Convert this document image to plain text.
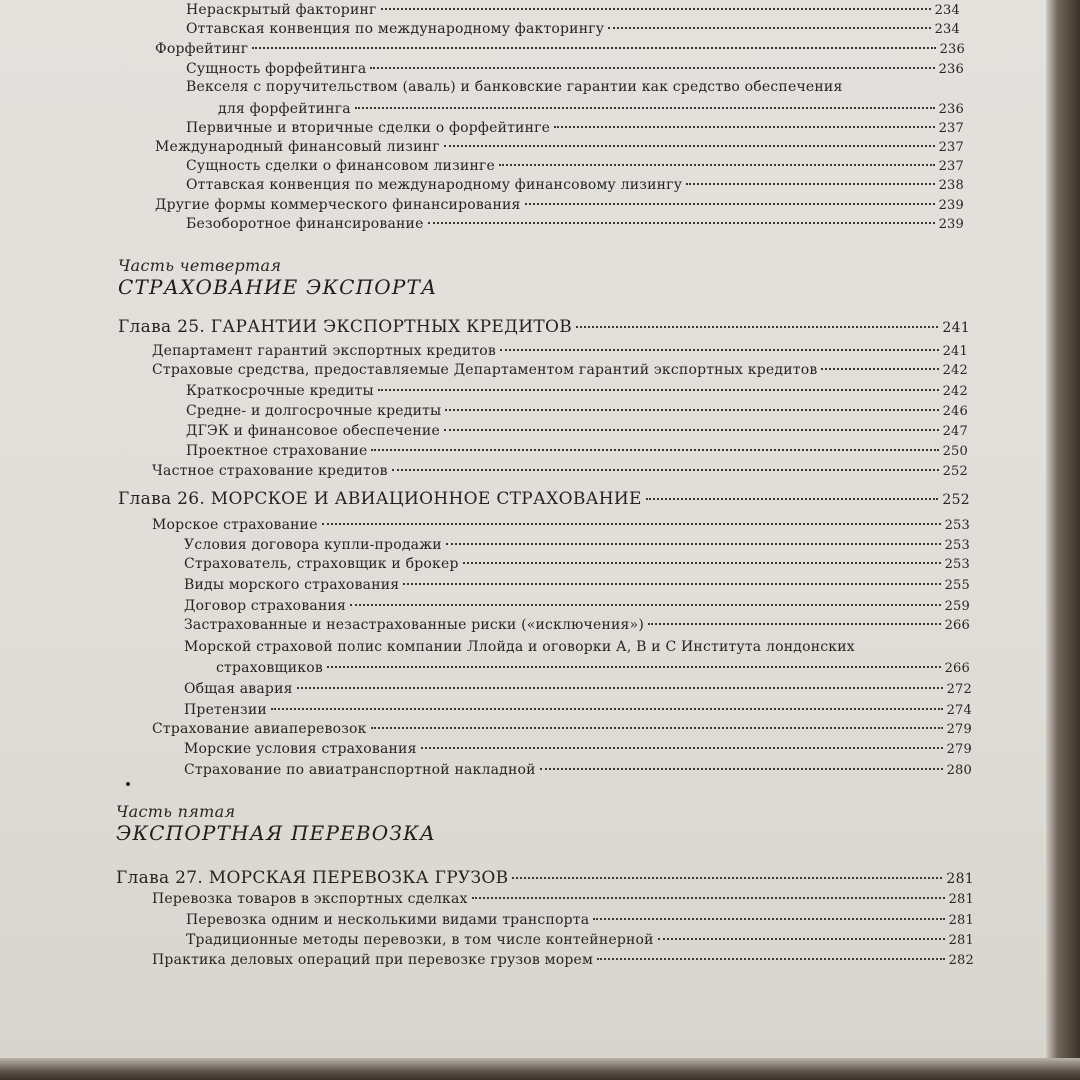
Нераскрытый факторинг	234
Оттавская конвенция по международному факторингу	234
Форфейтинг	236
Сущность форфейтинга	236
Векселя с поручительством (аваль) и банковские гарантии как средство обеспечения
для форфейтинга	236
Первичные и вторичные сделки о форфейтинге	237
Международный финансовый лизинг	237
Сущность сделки о финансовом лизинге	237
Оттавская конвенция по международному финансовому лизингу	238
Другие формы коммерческого финансирования	239
Безоборотное финансирование	239
Часть четвертая
СТРАХОВАНИЕ ЭКСПОРТА
Глава 25. ГАРАНТИИ ЭКСПОРТНЫХ КРЕДИТОВ	241
Департамент гарантий экспортных кредитов	241
Страховые средства, предоставляемые Департаментом гарантий экспортных кредитов	242
Краткосрочные кредиты	242
Средне- и долгосрочные кредиты	246
ДГЭК и финансовое обеспечение	247
Проектное страхование	250
Частное страхование кредитов	252
Глава 26. МОРСКОЕ И АВИАЦИОННОЕ СТРАХОВАНИЕ	252
Морское страхование	253
Условия договора купли-продажи	253
Страхователь, страховщик и брокер	253
Виды морского страхования	255
Договор страхования	259
Застрахованные и незастрахованные риски («исключения»)	266
Морской страховой полис компании Ллойда и оговорки А, В и С Института лондонских
страховщиков	266
Общая авария	272
Претензии	274
Страхование авиаперевозок	279
Морские условия страхования	279
Страхование по авиатранспортной накладной	280
Часть пятая
ЭКСПОРТНАЯ ПЕРЕВОЗКА
Глава 27. МОРСКАЯ ПЕРЕВОЗКА ГРУЗОВ	281
Перевозка товаров в экспортных сделках	281
Перевозка одним и несколькими видами транспорта	281
Традиционные методы перевозки, в том числе контейнерной	281
Практика деловых операций при перевозке грузов морем	282
